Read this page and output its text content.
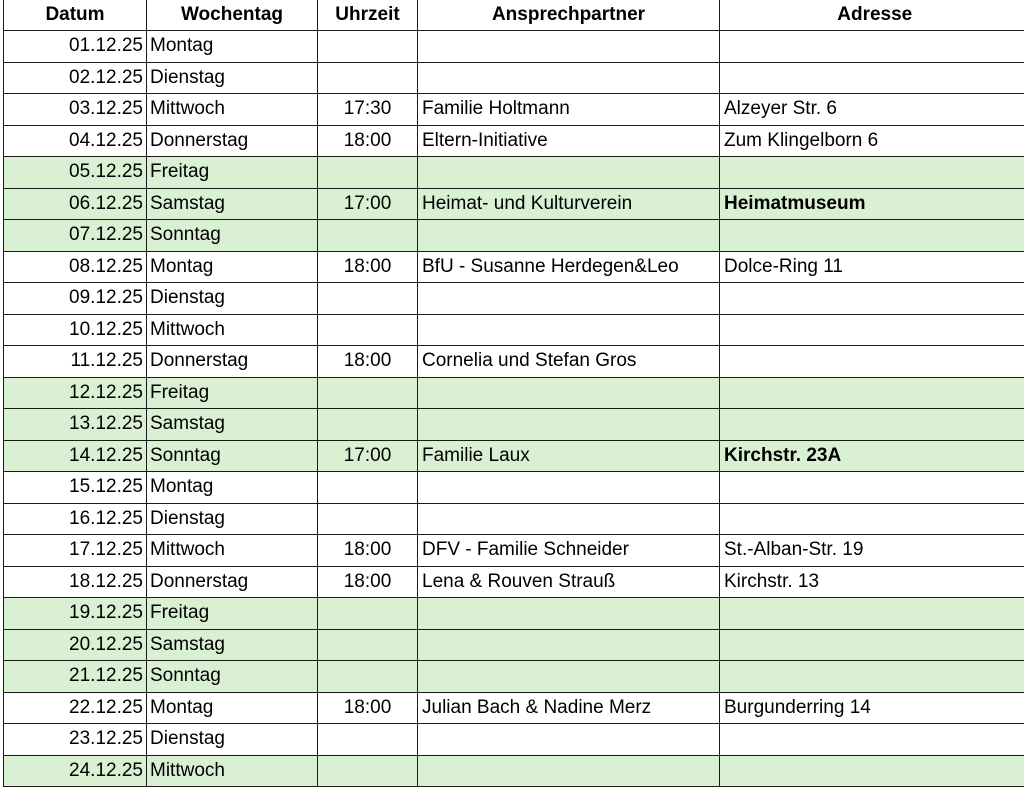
Datum	Wochentag	Uhrzeit	Ansprechpartner	Adresse
01.12.25	Montag			
02.12.25	Dienstag			
03.12.25	Mittwoch	17:30	Familie Holtmann	Alzeyer Str. 6
04.12.25	Donnerstag	18:00	Eltern-Initiative	Zum Klingelborn 6
05.12.25	Freitag			
06.12.25	Samstag	17:00	Heimat- und Kulturverein	Heimatmuseum
07.12.25	Sonntag			
08.12.25	Montag	18:00	BfU - Susanne Herdegen&Leo	Dolce-Ring 11
09.12.25	Dienstag			
10.12.25	Mittwoch			
11.12.25	Donnerstag	18:00	Cornelia und Stefan Gros	
12.12.25	Freitag			
13.12.25	Samstag			
14.12.25	Sonntag	17:00	Familie Laux	Kirchstr. 23A
15.12.25	Montag			
16.12.25	Dienstag			
17.12.25	Mittwoch	18:00	DFV - Familie Schneider	St.-Alban-Str. 19
18.12.25	Donnerstag	18:00	Lena & Rouven Strauß	Kirchstr. 13
19.12.25	Freitag			
20.12.25	Samstag			
21.12.25	Sonntag			
22.12.25	Montag	18:00	Julian Bach & Nadine Merz	Burgunderring 14
23.12.25	Dienstag			
24.12.25	Mittwoch			
